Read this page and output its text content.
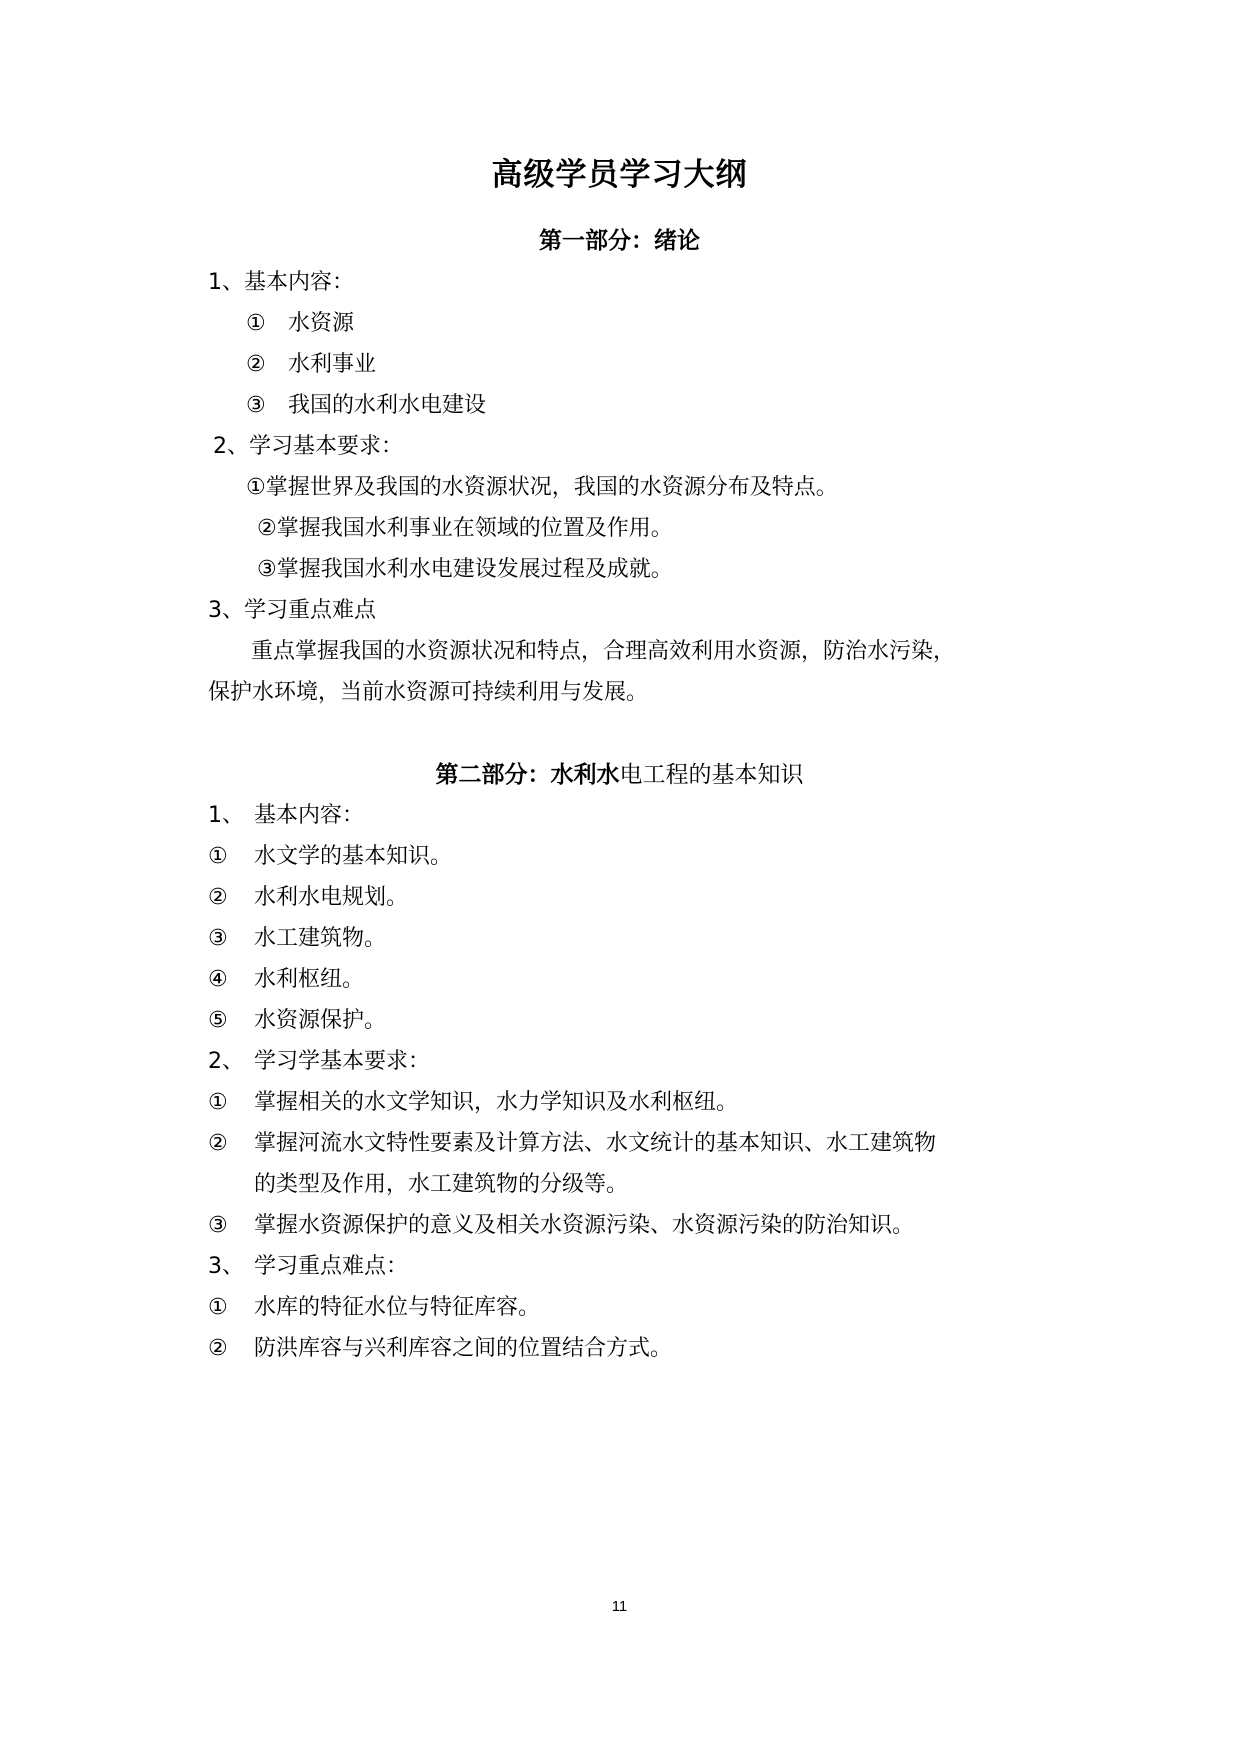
高级学员学习大纲
第一部分：绪论
1、基本内容：
① 水资源
② 水利事业
③ 我国的水利水电建设
2、学习基本要求：
①掌握世界及我国的水资源状况，我国的水资源分布及特点。
②掌握我国水利事业在领域的位置及作用。
③掌握我国水利水电建设发展过程及成就。
3、学习重点难点
重点掌握我国的水资源状况和特点，合理高效利用水资源，防治水污染，
保护水环境，当前水资源可持续利用与发展。
第二部分：水利水电工程的基本知识
1、 基本内容：
① 水文学的基本知识。
② 水利水电规划。
③ 水工建筑物。
④ 水利枢纽。
⑤ 水资源保护。
2、 学习学基本要求：
① 掌握相关的水文学知识，水力学知识及水利枢纽。
② 掌握河流水文特性要素及计算方法、水文统计的基本知识、水工建筑物
的类型及作用，水工建筑物的分级等。
③ 掌握水资源保护的意义及相关水资源污染、水资源污染的防治知识。
3、 学习重点难点：
① 水库的特征水位与特征库容。
② 防洪库容与兴利库容之间的位置结合方式。
11
